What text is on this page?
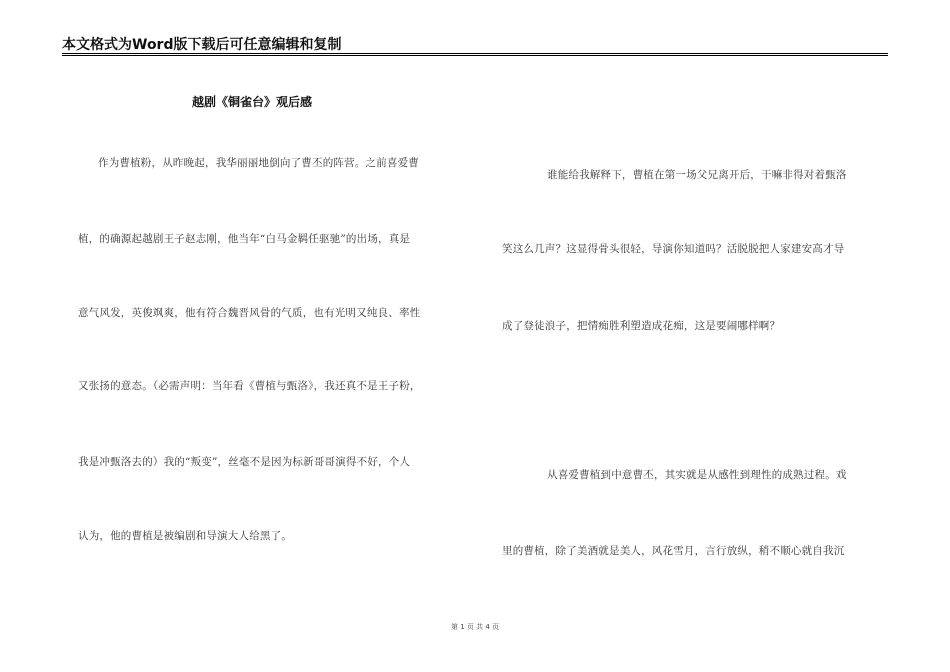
本文格式为Word版下载后可任意编辑和复制
越剧《铜雀台》观后感
作为曹植粉，从昨晚起，我华丽丽地倒向了曹丕的阵营。之前喜爱曹
植，的确源起越剧王子赵志刚，他当年“白马金羁任驱驰”的出场，真是
意气风发，英俊飒爽，他有符合魏晋风骨的气质，也有光明又纯良、率性
又张扬的意态。（必需声明：当年看《曹植与甄洛》，我还真不是王子粉，
我是冲甄洛去的）我的“叛变”，丝毫不是因为标新哥哥演得不好，个人
认为，他的曹植是被编剧和导演大人给黑了。
谁能给我解释下，曹植在第一场父兄离开后，干嘛非得对着甄洛
笑这么几声？这显得骨头很轻，导演你知道吗？活脱脱把人家建安高才导
成了登徒浪子，把情痴胜利塑造成花痴，这是要闹哪样啊？
从喜爱曹植到中意曹丕，其实就是从感性到理性的成熟过程。戏
里的曹植，除了美酒就是美人，风花雪月，言行放纵，稍不顺心就自我沉
第 1 页 共 4 页
